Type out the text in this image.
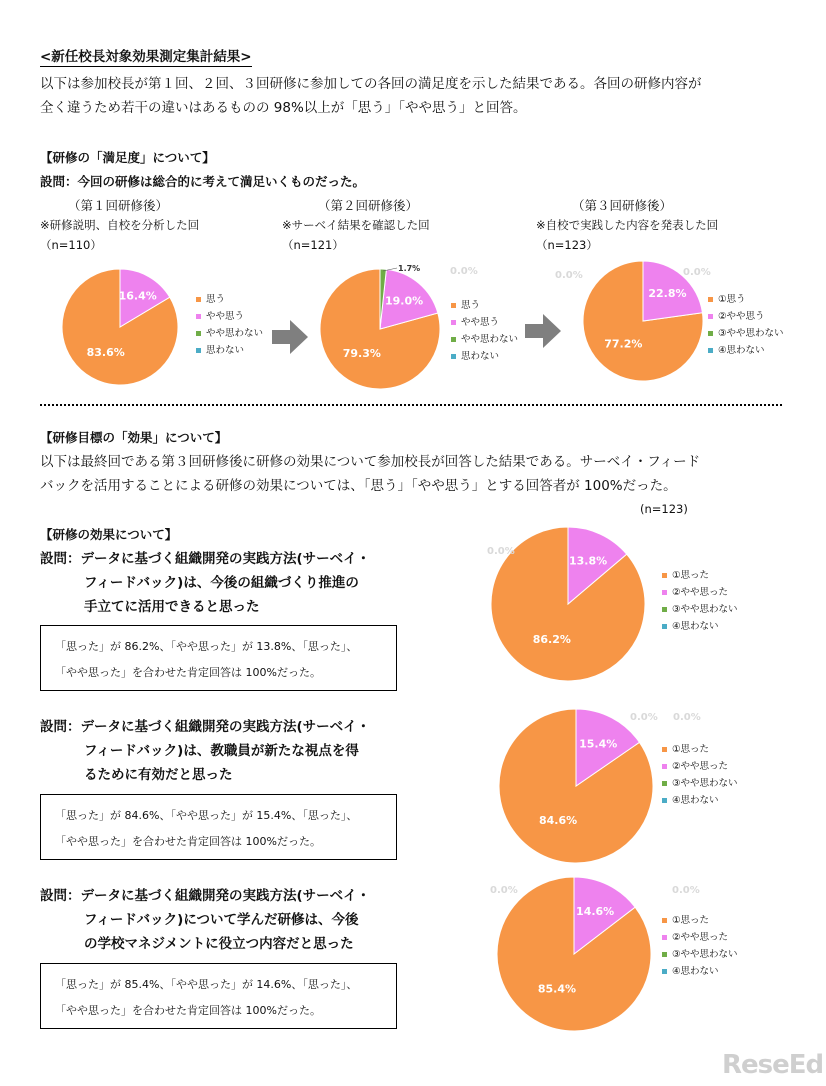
<新任校長対象効果測定集計結果>
以下は参加校長が第１回、２回、３回研修に参加しての各回の満足度を示した結果である。各回の研修内容が
全く違うため若干の違いはあるものの 98%以上が「思う」「やや思う」と回答。
【研修の「満足度」について】
設問：今回の研修は総合的に考えて満足いくものだった。
（第１回研修後）
※研修説明、自校を分析した回
（n=110）
83.6%
16.4%	思う
やや思う
やや思わない
思わない
（第２回研修後）
※サーベイ結果を確認した回
（n=121）
79.3%
19.0%
1.7%	0.0%
思う
やや思う
やや思わない
思わない
（第３回研修後）
※自校で実践した内容を発表した回
（n=123）
77.2%
22.8%
0.0%	0.0%
①思う
②やや思う
③やや思わない
④思わない
【研修目標の「効果」について】
以下は最終回である第３回研修後に研修の効果について参加校長が回答した結果である。サーベイ・フィード
バックを活用することによる研修の効果については、「思う」「やや思う」とする回答者が 100%だった。
(n=123)
【研修の効果について】
設問：データに基づく組織開発の実践方法(サーベイ・
フィードバック)は、今後の組織づくり推進の
手立てに活用できると思った
「思った」が 86.2%、「やや思った」が 13.8%、「思った」、
「やや思った」を合わせた肯定回答は 100%だった。
86.2%
13.8%
0.0%
①思った
②やや思った
③やや思わない
④思わない
設問：データに基づく組織開発の実践方法(サーベイ・
フィードバック)は、教職員が新たな視点を得
るために有効だと思った
「思った」が 84.6%、「やや思った」が 15.4%、「思った」、
「やや思った」を合わせた肯定回答は 100%だった。
84.6%
15.4%
0.0% 0.0%
①思った
②やや思った
③やや思わない
④思わない
設問：データに基づく組織開発の実践方法(サーベイ・
フィードバック)について学んだ研修は、今後
の学校マネジメントに役立つ内容だと思った
「思った」が 85.4%、「やや思った」が 14.6%、「思った」、
「やや思った」を合わせた肯定回答は 100%だった。
85.4%
14.6%
0.0%	0.0%
①思った
②やや思った
③やや思わない
④思わない
ReseEd
